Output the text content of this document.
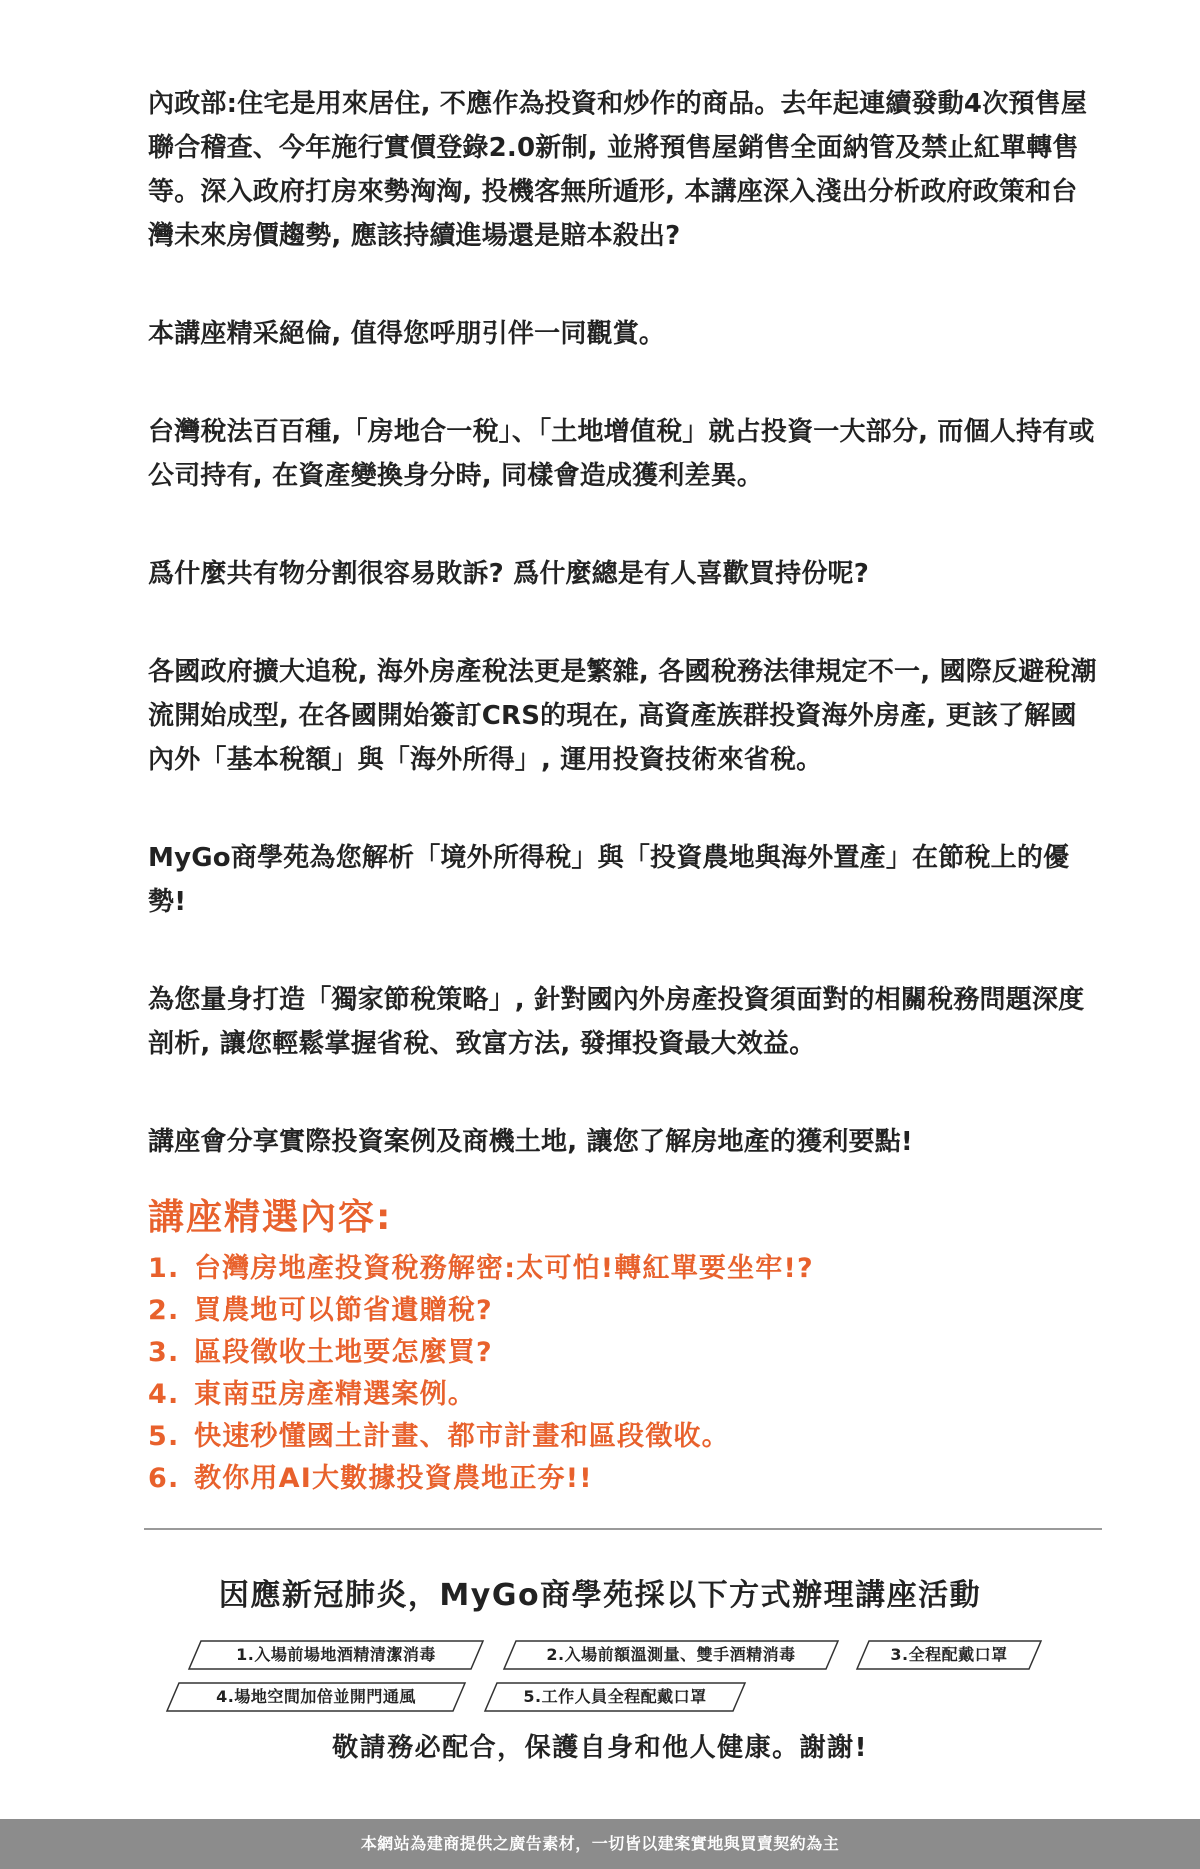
內政部:住宅是用來居住, 不應作為投資和炒作的商品。去年起連續發動4次預售屋聯合稽查、今年施行實價登錄2.0新制, 並將預售屋銷售全面納管及禁止紅單轉售等。深入政府打房來勢洶洶, 投機客無所遁形, 本講座深入淺出分析政府政策和台灣未來房價趨勢, 應該持續進場還是賠本殺出?

本講座精采絕倫, 值得您呼朋引伴一同觀賞。

台灣稅法百百種,「房地合一稅」、「土地增值稅」就占投資一大部分, 而個人持有或公司持有, 在資產變換身分時, 同樣會造成獲利差異。

爲什麼共有物分割很容易敗訴? 爲什麼總是有人喜歡買持份呢?

各國政府擴大追稅, 海外房產稅法更是繁雜, 各國稅務法律規定不一, 國際反避稅潮流開始成型, 在各國開始簽訂CRS的現在, 高資產族群投資海外房產, 更該了解國內外「基本稅額」與「海外所得」, 運用投資技術來省稅。

MyGo商學苑為您解析「境外所得稅」與「投資農地與海外置產」在節稅上的優勢!

為您量身打造「獨家節稅策略」, 針對國內外房產投資須面對的相關稅務問題深度剖析, 讓您輕鬆掌握省稅、致富方法, 發揮投資最大效益。

講座會分享實際投資案例及商機土地, 讓您了解房地產的獲利要點!

講座精選內容:
1. 台灣房地產投資稅務解密:太可怕!轉紅單要坐牢!?
2. 買農地可以節省遺贈稅?
3. 區段徵收土地要怎麼買?
4. 東南亞房產精選案例。
5. 快速秒懂國土計畫、都市計畫和區段徵收。
6. 教你用AI大數據投資農地正夯!!
因應新冠肺炎，MyGo商學苑採以下方式辦理講座活動
1.入場前場地酒精清潔消毒	2.入場前額溫測量、雙手酒精消毒	3.全程配戴口罩
4.場地空間加倍並開門通風	5.工作人員全程配戴口罩
敬請務必配合，保護自身和他人健康。謝謝!
本網站為建商提供之廣告素材，一切皆以建案實地與買賣契約為主
